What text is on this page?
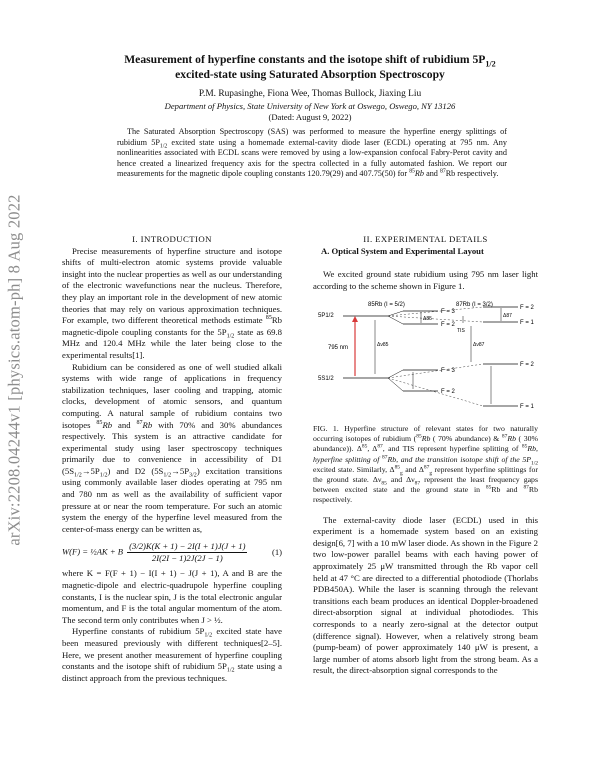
arXiv:2208.04244v1 [physics.atom-ph] 8 Aug 2022
Measurement of hyperfine constants and the isotope shift of rubidium $5P_{1/2}$
excited-state using Saturated Absorption Spectroscopy
P.M. Rupasinghe, Fiona Wee, Thomas Bullock, Jiaxing Liu
Department of Physics, State University of New York at Oswego, Oswego, NY 13126
(Dated: August 9, 2022)
The Saturated Absorption Spectroscopy (SAS) was performed to measure the hyperfine energy splittings of rubidium $5P_{1/2}$ excited state using a homemade external-cavity diode laser (ECDL) operating at 795 nm. Any nonlinearities associated with ECDL scans were removed by using a low-expansion confocal Fabry-Perot cavity and hence created a linearized frequency axis for the spectra collected in a fully automated fashion. We report our measurements for the magnetic dipole coupling constants 120.79(29) and 407.75(50) for $^{85}$Rb and $^{87}$Rb respectively.

I. INTRODUCTION

Precise measurements of hyperfine structure and isotope shifts of multi-electron atomic systems provide valuable insight into the nuclear properties as well as our understanding of the electronic wavefunctions near the nucleus. Therefore, they play an important role in the development of new atomic theories that may rely on various approximation techniques. For example, two different theoretical methods estimate $^{85}$Rb magnetic-dipole coupling constants for the $5P_{1/2}$ state as 69.8 MHz and 120.4 MHz while the later being close to the experimental results[1].

Rubidium can be considered as one of well studied alkali systems with wide range of applications in frequency stabilization techniques, laser cooling and trapping, atomic clocks, development of atomic sensors, and quantum computing. A natural sample of rubidium contains two isotopes $^{85}$Rb and $^{87}$Rb with 70% and 30% abundances respectively. This system is an attractive candidate for experimental study using laser spectroscopy techniques primarily due to convenience in accessibility of D1 $(5S_{1/2}\to 5P_{1/2})$ and D2 $(5S_{1/2}\to 5P_{3/2})$ excitation transitions using commonly available laser diodes operating at 795 nm and 780 nm as well as the availability of sufficient vapor pressure at or near the room temperature. For such an atomic system the energy of the hyperfine level measured from the center-of-mass energy can be written as,

W(F) = ½AK + B $\frac{(3/2)K(K + 1) - 2I(I + 1)J(J + 1)}{2I(2I - 1)2J(2J - 1)}$	(1)

where K = F(F + 1) − I(I + 1) − J(J + 1), A and B are the magnetic-dipole and electric-quadrupole hyperfine coupling constants, I is the nuclear spin, J is the total electronic angular momentum, and F is the total angular momentum of the atom. The second term only contributes when J > ½.

Hyperfine constants of rubidium $5P_{1/2}$ excited state have been measured previously with different techniques[2–5]. Here, we present another measurement of hyperfine coupling constants and the isotope shift of rubidium $5P_{1/2}$ state using a distinct approach from the previous techniques.

II. EXPERIMENTAL DETAILS

A. Optical System and Experimental Layout

We excited ground state rubidium using 795 nm laser light according to the scheme shown in Figure 1.

85Rb (I = 5/2)	87Rb (I = 3/2)
5P1/2
5S1/2
795 nm
F = 3
F = 2
F = 2
F = 1
F = 3
F = 2
F = 2
F = 1
Δ85	Δ87
TIS
Δν85	Δν87
FIG. 1. Hyperfine structure of relevant states for two naturally occurring isotopes of rubidium ($^{85}$Rb ( 70% abundance) & $^{87}$Rb ( 30% abundance)). $\Delta^{85}$, $\Delta^{87}$, and TIS represent hyperfine splitting of $^{85}$Rb, hyperfine splitting of $^{87}$Rb, and the transition isotope shift of the $5P_{1/2}$ excited state. Similarly, $\Delta^{85}_g$ and $\Delta^{87}_g$ represent hyperfine splittings for the ground state. $\Delta\nu_{85}$ and $\Delta\nu_{87}$ represent the least frequency gaps between excited state and the ground state in $^{85}$Rb and $^{87}$Rb respectively.

The external-cavity diode laser (ECDL) used in this experiment is a homemade system based on an existing design[6, 7] with a 10 mW laser diode. As shown in the Figure 2 two low-power parallel beams with each having power of approximately 25 μW transmitted through the Rb vapor cell held at 47 °C are directed to a differential photodiode (Thorlabs PDB450A). While the laser is scanning through the relevant transitions each beam produces an identical Doppler-broadened direct-absorption signal at individual photodiodes. This corresponds to a nearly zero-signal at the detector output (difference signal). However, when a relatively strong beam (pump-beam) of power approximately 140 μW is present, a large number of atoms absorb light from the strong beam. As a result, the direct-absorption signal corresponds to the
